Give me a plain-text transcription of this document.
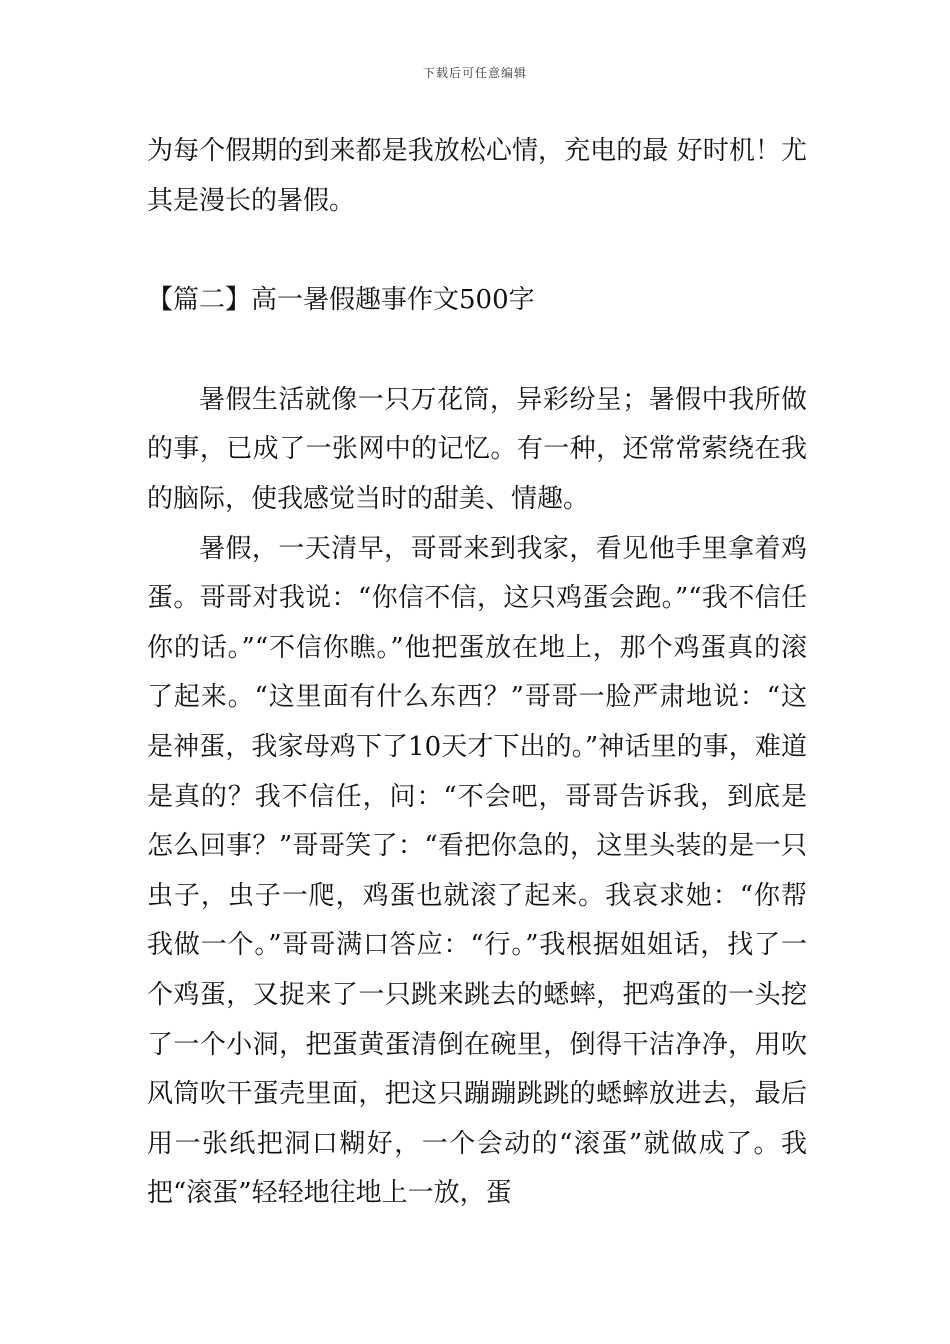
下载后可任意编辑

为每个假期的到来都是我放松心情，充电的最 好时机！尤其是漫长的暑假。

【篇二】高一暑假趣事作文500字

暑假生活就像一只万花筒，异彩纷呈；暑假中我所做的事，已成了一张网中的记忆。有一种，还常常萦绕在我的脑际，使我感觉当时的甜美、情趣。

暑假，一天清早，哥哥来到我家，看见他手里拿着鸡蛋。哥哥对我说：“你信不信，这只鸡蛋会跑。”“我不信任你的话。”“不信你瞧。”他把蛋放在地上，那个鸡蛋真的滚了起来。“这里面有什么东西？”哥哥一脸严肃地说：“这是神蛋，我家母鸡下了10天才下出的。”神话里的事，难道是真的？我不信任，问：“不会吧，哥哥告诉我，到底是怎么回事？”哥哥笑了：“看把你急的，这里头装的是一只虫子，虫子一爬，鸡蛋也就滚了起来。我哀求她：“你帮我做一个。”哥哥满口答应：“行。”我根据姐姐话，找了一个鸡蛋，又捉来了一只跳来跳去的蟋蟀，把鸡蛋的一头挖了一个小洞，把蛋黄蛋清倒在碗里，倒得干洁净净，用吹风筒吹干蛋壳里面，把这只蹦蹦跳跳的蟋蟀放进去，最后用一张纸把洞口糊好，一个会动的“滚蛋”就做成了。我把“滚蛋”轻轻地往地上一放，蛋
